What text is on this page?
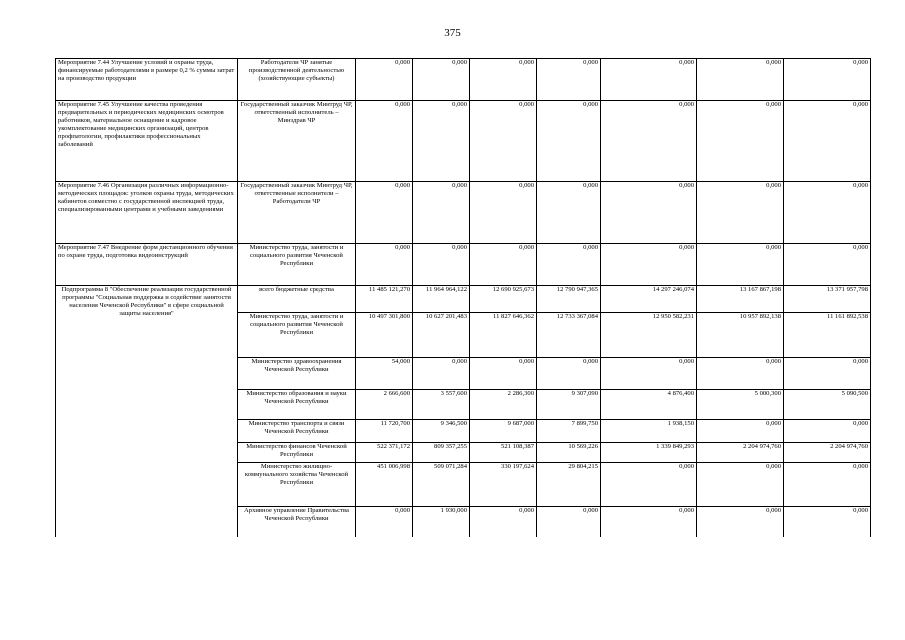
375
Мероприятие 7.44 Улучшение условий и охраны труда, финансируемые работодателями в размере 0,2 % суммы затрат на производство продукции	Работодатели ЧР занятые производственной деятельностью (хозяйствующие субъекты)	0,000	0,000	0,000	0,000	0,000	0,000	0,000
Мероприятие 7.45 Улучшение качества проведения предварительных и периодических медицинских осмотров работников, материальное оснащение и кадровое укомплектование медицинских организаций, центров профпатологии, профилактики профессиональных заболеваний	Государственный заказчик Минтруд ЧР, ответственный исполнитель – Минздрав ЧР	0,000	0,000	0,000	0,000	0,000	0,000	0,000
Мероприятие 7.46 Организация различных информационно-методических площадок: уголков охраны труда, методических кабинетов совместно с государственной инспекцией труда, специализированными центрами и учебными заведениями	Государственный заказчик Минтруд ЧР, ответственные исполнители – Работодатели ЧР	0,000	0,000	0,000	0,000	0,000	0,000	0,000
Мероприятие 7.47 Внедрение форм дистанционного обучения по охране труда, подготовка видеоинструкций	Министерство труда, занятости и социального развития Чеченской Республики	0,000	0,000	0,000	0,000	0,000	0,000	0,000
Подпрограмма 8 "Обеспечение реализации государственной программы "Социальная поддержка и содействие занятости населения Чеченской Республики" в сфере социальной защиты населения"	всего бюджетные средства	11 485 121,270	11 964 964,122	12 690 925,673	12 790 947,365	14 297 246,074	13 167 867,198	13 371 957,798
	Министерство труда, занятости и социального развития Чеченской Республики	10 497 301,800	10 627 201,483	11 827 646,362	12 733 367,084	12 950 582,231	10 957 892,138	11 161 892,538
	Министерство здравоохранения Чеченской Республики	54,000	0,000	0,000	0,000	0,000	0,000	0,000
	Министерство образования и науки Чеченской Республики	2 666,600	3 557,600	2 286,300	9 307,090	4 876,400	5 000,300	5 090,500
	Министерство транспорта и связи Чеченской Республики	11 720,700	9 346,500	9 687,000	7 899,750	1 938,150	0,000	0,000
	Министерство финансов Чеченской Республики	522 371,172	809 357,255	521 108,387	10 569,226	1 339 849,293	2 204 974,760	2 204 974,760
	Министерство жилищно-коммунального хозяйства Чеченской Республики	451 006,998	509 071,284	330 197,624	29 804,215	0,000	0,000	0,000
	Архивное управление Правительства Чеченской Республики	0,000	1 930,000	0,000	0,000	0,000	0,000	0,000
